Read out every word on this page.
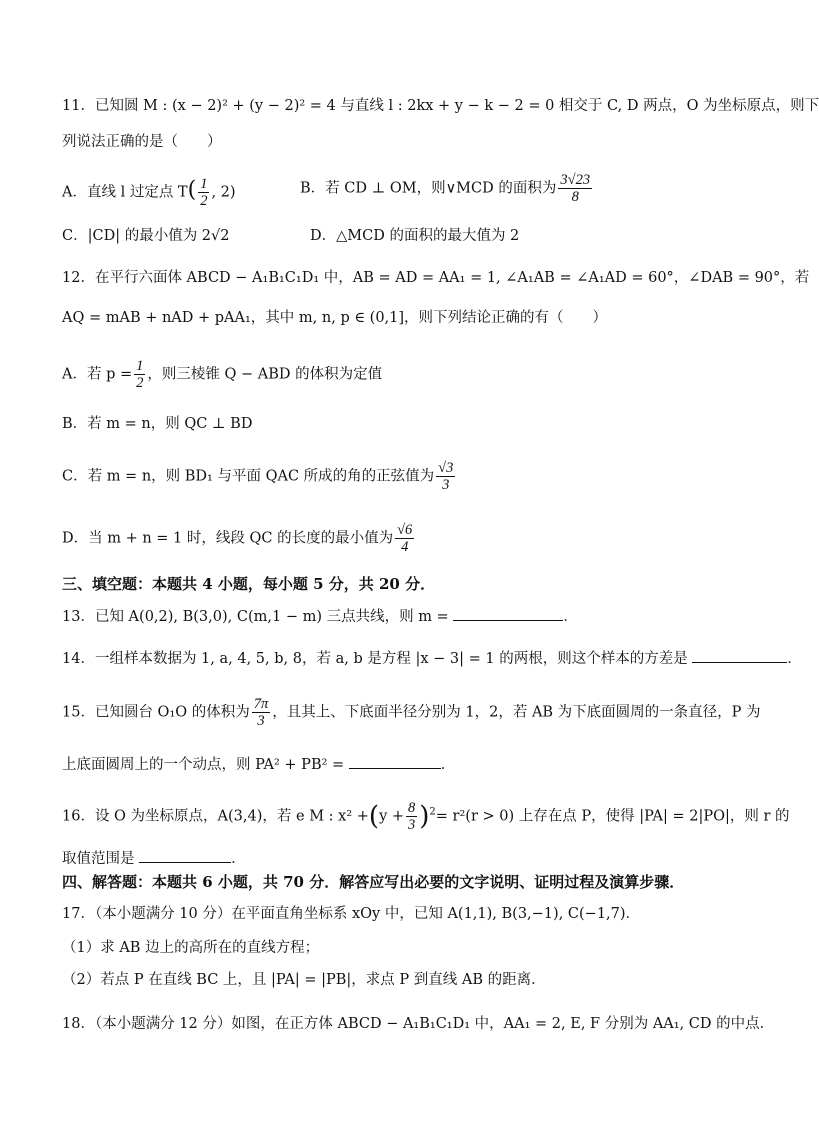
11．已知圆 M : (x − 2)² + (y − 2)² = 4 与直线 l : 2kx + y − k − 2 = 0 相交于 C, D 两点，O 为坐标原点，则下
列说法正确的是（　　）
A．直线 l 过定点 $T( \frac{1}{2}$ , 2)	B．若 CD ⊥ OM，则∨MCD 的面积为 $\frac{3√23}{8}$
C．|CD| 的最小值为 2√2	D．△MCD 的面积的最大值为 2
12．在平行六面体 ABCD − A₁B₁C₁D₁ 中，AB = AD = AA₁ = 1, ∠A₁AB = ∠A₁AD = 60°，∠DAB = 90°，若
AQ = mAB + nAD + pAA₁，其中 m, n, p ∈ (0,1]，则下列结论正确的有（　　）
A．若 $p = \frac{1}{2}$ ，则三棱锥 Q − ABD 的体积为定值
B．若 m = n，则 QC ⊥ BD
C．若 m = n，则 BD₁ 与平面 QAC 所成的角的正弦值为 $\frac{√3}{3}$
D．当 m + n = 1 时，线段 QC 的长度的最小值为 $\frac{√6}{4}$
三、填空题：本题共 4 小题，每小题 5 分，共 20 分．
13．已知 A(0,2), B(3,0), C(m,1 − m) 三点共线，则 m =	．
14．一组样本数据为 1, a, 4, 5, b, 8，若 a, b 是方程 |x − 3| = 1 的两根，则这个样本的方差是	．
15．已知圆台 O₁O 的体积为 $\frac{7\pi}{3}$ ，且其上、下底面半径分别为 1，2，若 AB 为下底面圆周的一条直径，P 为
上底面圆周上的一个动点，则 PA² + PB² =	．
16．设 O 为坐标原点，A(3,4)，若 e M : $x^2 +(y + \frac{8}{3} )^2= r^2(r > 0)$ 上存在点 P，使得 |PA| = 2|PO|，则 r 的
取值范围是	．
四、解答题：本题共 6 小题，共 70 分．解答应写出必要的文字说明、证明过程及演算步骤．
17．（本小题满分 10 分）在平面直角坐标系 xOy 中，已知 A(1,1), B(3,−1), C(−1,7)．
（1）求 AB 边上的高所在的直线方程；
（2）若点 P 在直线 BC 上，且 |PA| = |PB|，求点 P 到直线 AB 的距离．
18．（本小题满分 12 分）如图，在正方体 ABCD − A₁B₁C₁D₁ 中，AA₁ = 2, E, F 分别为 AA₁, CD 的中点．
